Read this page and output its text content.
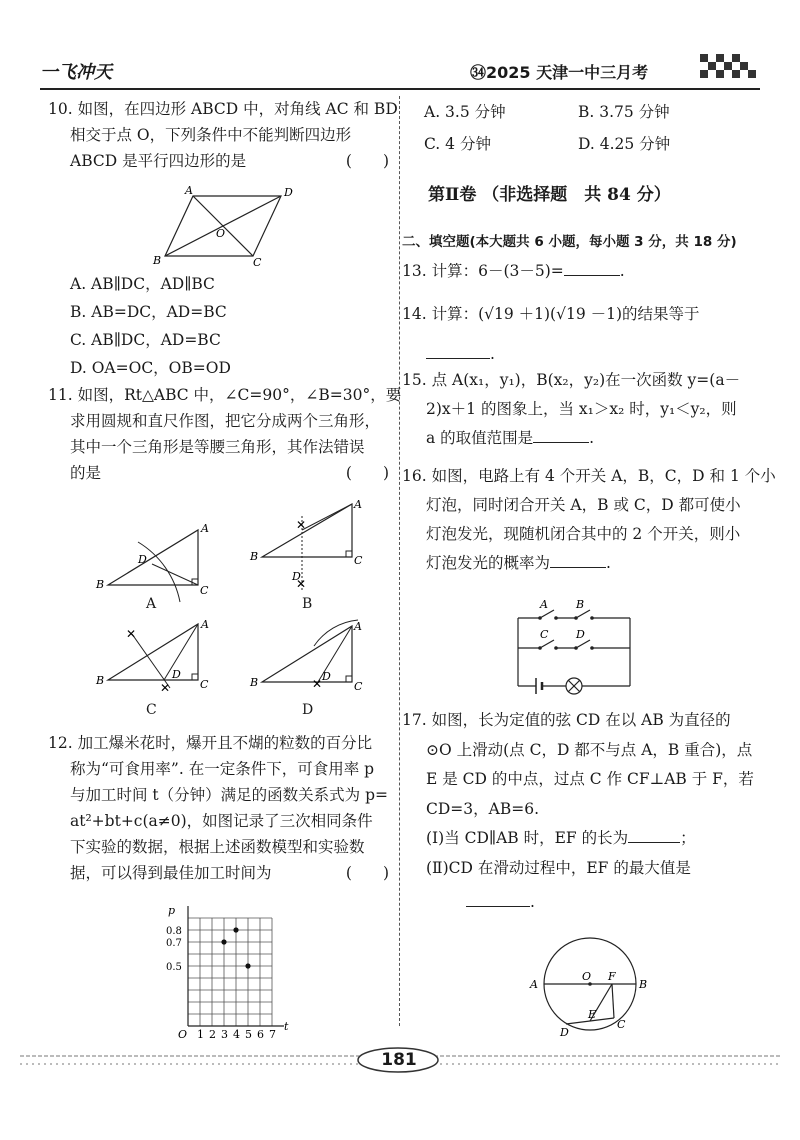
一飞冲天	㉞2025 天津一中三月考
10. 如图，在四边形 ABCD 中，对角线 AC 和 BD
相交于点 O，下列条件中不能判断四边形
ABCD 是平行四边形的是	(　　)
A	D
O
B	C
A. AB∥DC，AD∥BC
B. AB=DC，AD=BC
C. AB∥DC，AD=BC
D. OA=OC，OB=OD
11. 如图，Rt△ABC 中，∠C=90°，∠B=30°，要
求用圆规和直尺作图，把它分成两个三角形，
其中一个三角形是等腰三角形，其作法错误
的是	(　　)
A
B	C
D
A
✕
✕
A
B	C
D
B
✕
✕
A
B	C
D
C
✕
A
B	C
D
D
12. 加工爆米花时，爆开且不煳的粒数的百分比
称为“可食用率”. 在一定条件下，可食用率 p
与加工时间 t（分钟）满足的函数关系式为 p=
at²+bt+c(a≠0)，如图记录了三次相同条件
下实验的数据，根据上述函数模型和实验数
据，可以得到最佳加工时间为	(　　)
p
t
O 1 2 3 4 5 6 7
0.8
0.7
0.5
A. 3.5 分钟	B. 3.75 分钟
C. 4 分钟	D. 4.25 分钟
第Ⅱ卷 （非选择题　共 84 分）
二、填空题(本大题共 6 小题，每小题 3 分，共 18 分)
13. 计算：6－(3－5)=	.
14. 计算：(√19 ＋1)(√19 －1)的结果等于
.
15. 点 A(x₁，y₁)，B(x₂，y₂)在一次函数 y=(a－
2)x＋1 的图象上，当 x₁＞x₂ 时，y₁＜y₂，则
a 的取值范围是	.
16. 如图，电路上有 4 个开关 A，B，C，D 和 1 个小
灯泡，同时闭合开关 A，B 或 C，D 都可使小
灯泡发光，现随机闭合其中的 2 个开关，则小
灯泡发光的概率为	.
A	B
C	D
17. 如图，长为定值的弦 CD 在以 AB 为直径的
⊙O 上滑动(点 C，D 都不与点 A，B 重合)，点
E 是 CD 的中点，过点 C 作 CF⊥AB 于 F，若
CD=3，AB=6.
(Ⅰ)当 CD∥AB 时，EF 的长为	；
(Ⅱ)CD 在滑动过程中，EF 的最大值是
.
A
O F
B
E
C
D
181
